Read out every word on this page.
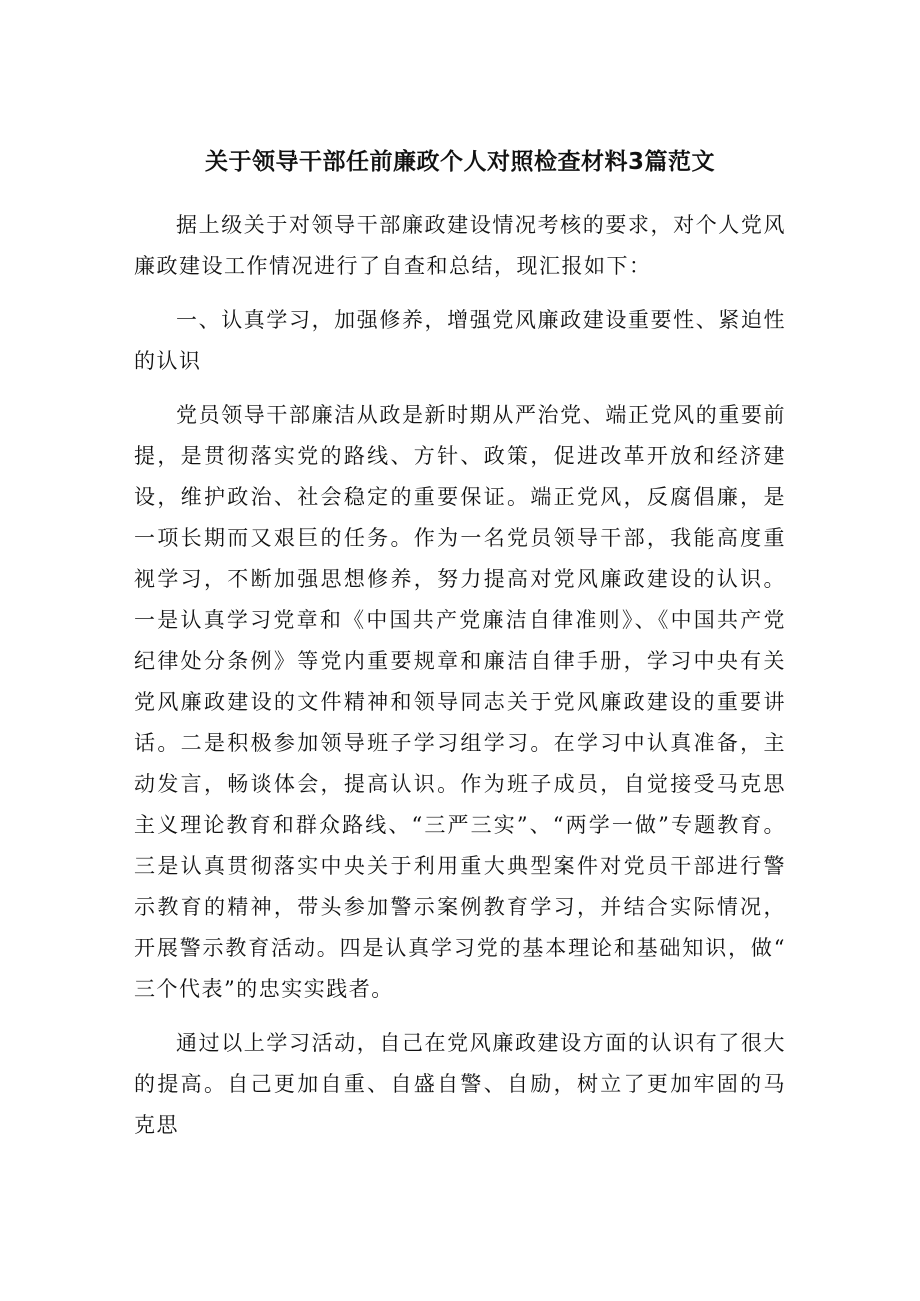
关于领导干部任前廉政个人对照检查材料3篇范文

据上级关于对领导干部廉政建设情况考核的要求，对个人党风廉政建设工作情况进行了自查和总结，现汇报如下：

一、认真学习，加强修养，增强党风廉政建设重要性、紧迫性的认识

党员领导干部廉洁从政是新时期从严治党、端正党风的重要前提，是贯彻落实党的路线、方针、政策，促进改革开放和经济建设，维护政治、社会稳定的重要保证。端正党风，反腐倡廉，是一项长期而又艰巨的任务。作为一名党员领导干部，我能高度重视学习，不断加强思想修养，努力提高对党风廉政建设的认识。一是认真学习党章和《中国共产党廉洁自律准则》、《中国共产党纪律处分条例》等党内重要规章和廉洁自律手册，学习中央有关党风廉政建设的文件精神和领导同志关于党风廉政建设的重要讲话。二是积极参加领导班子学习组学习。在学习中认真准备，主动发言，畅谈体会，提高认识。作为班子成员，自觉接受马克思主义理论教育和群众路线、“三严三实”、“两学一做”专题教育。三是认真贯彻落实中央关于利用重大典型案件对党员干部进行警示教育的精神，带头参加警示案例教育学习，并结合实际情况，开展警示教育活动。四是认真学习党的基本理论和基础知识，做“三个代表”的忠实实践者。

通过以上学习活动，自己在党风廉政建设方面的认识有了很大的提高。自己更加自重、自盛自警、自励，树立了更加牢固的马克思
